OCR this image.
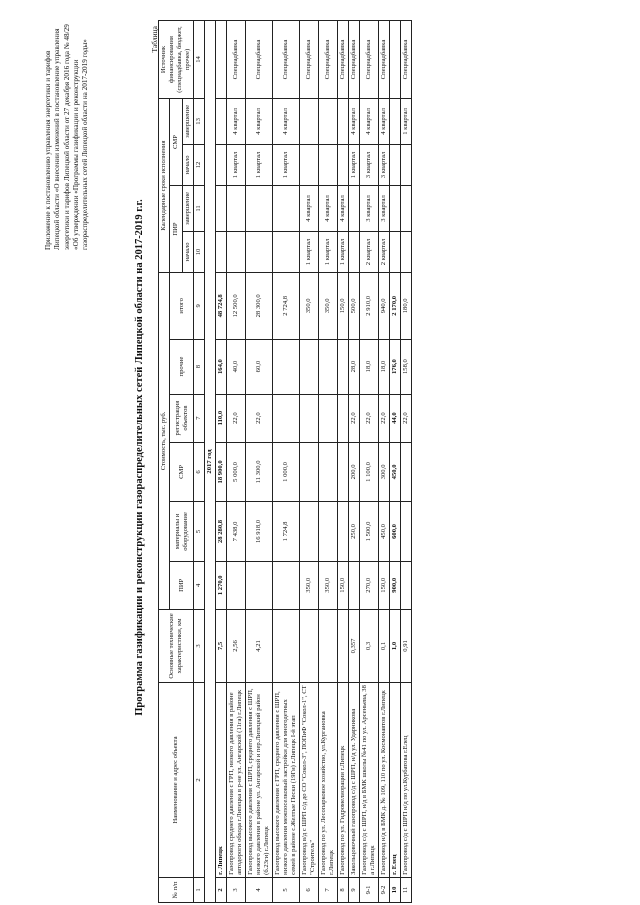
Приложение к постановлению управления энергетики и тарифов Липецкой области «О внесении изменений в постановление управления энергетики и тарифов Липецкой области от 27 декабря 2016 года № 48/29 «Об утверждении «Программы газификации и реконструкции газораспределительных сетей Липецкой области на 2017-2019 годы»
Программа газификации и реконструкции газораспределительных сетей Липецкой области на 2017-2019 г.г.
Таблица
№ п/п	Наименование и адрес объекта	Основные технические характеристики, км	Стоимость, тыс. руб.						Календарные сроки исполнения				Источник финансирования (спецнадбавка, бюджет, прочее)
			ПИР	материалы и оборудование	СМР	регистрация объектов	прочие	итого	ПИР		СМР		
									начало	завершение	начало	завершение	
1	2	3	4	5	6	7	8	9	10	11	12	13	14
2017 год													
2	г. Липецк	7,5	1 270,0	28 280,8	18 900,0	110,0	164,0	48 724,8					
3	Газопровод среднего давления с ГРП, низкого давления в районе автодороги обхода г.Липецка в р-не ул. Ангарской (11га) г.Липецк	2,56		7 438,0	5 000,0	22,0	40,0	12 500,0			1 квартал	4 квартал	Спецнадбавка
4	Газопровод высокого давления с ШРП, среднего давления с ШРП, низкого давления в районе ул. Ангарской и пер.Липецкий район (б.23ги) г.Липецк	4,21		16 918,0	11 300,0	22,0	60,0	28 300,0			1 квартал	4 квартал	Спецнадбавка
5	Газопровод высокого давления с ГРП, среднего давления с ШРП, низкого давления межпоселковый застройки для многодетных семей в районе с.Желтые Пески (19Ги) г.Липецк I-й этап			1 724,8	1 000,0			2 724,8			1 квартал	4 квартал	Спецнадбавка
6	Газопровод в/д с ШРП с/д до СО "Сокол-3", ПОПиФ "Сокол-1", СТ "Строитель"		350,0					350,0	1 квартал	4 квартал			Спецнадбавка
7	Газопровод по ул. Лесопарковое хозяйство, ул.Кургановка г.Липецк		350,0					350,0	1 квартал	4 квартал			Спецнадбавка
8	Газопровод по ул. Гидромелиорации г.Липецк		150,0					150,0	1 квартал	4 квартал			Спецнадбавка
9	Закольцовочный газопровод с/д с ШРП, н/д ул. Ударникова	0,357		250,0	200,0	22,0	28,0	500,0			1 квартал	4 квартал	Спецнадбавка
9-1	Газопровод с/д с ШРП, н/д в БМК школы №41 по ул. Арсеньева, 38 а г.Липецк	0,3	270,0	1 500,0	1 100,0	22,0	18,0	2 910,0	2 квартал	3 квартал	3 квартал	4 квартал	Спецнадбавка
9-2	Газопровод н/д в БМК д. № 109, 110 по ул. Космонавтов г.Липецк	0,1	150,0	450,0	300,0	22,0	18,0	940,0	2 квартал	3 квартал	3 квартал	4 квартал	Спецнадбавка
10	г. Елец	1,0	900,0	600,0	450,0	44,0	176,0	2 170,0					
11	Газопровод с/д с ШРП н/д по ул.Курбатова г.Елец	0,91				22,0	158,0	180,0				1 квартал	Спецнадбавка
